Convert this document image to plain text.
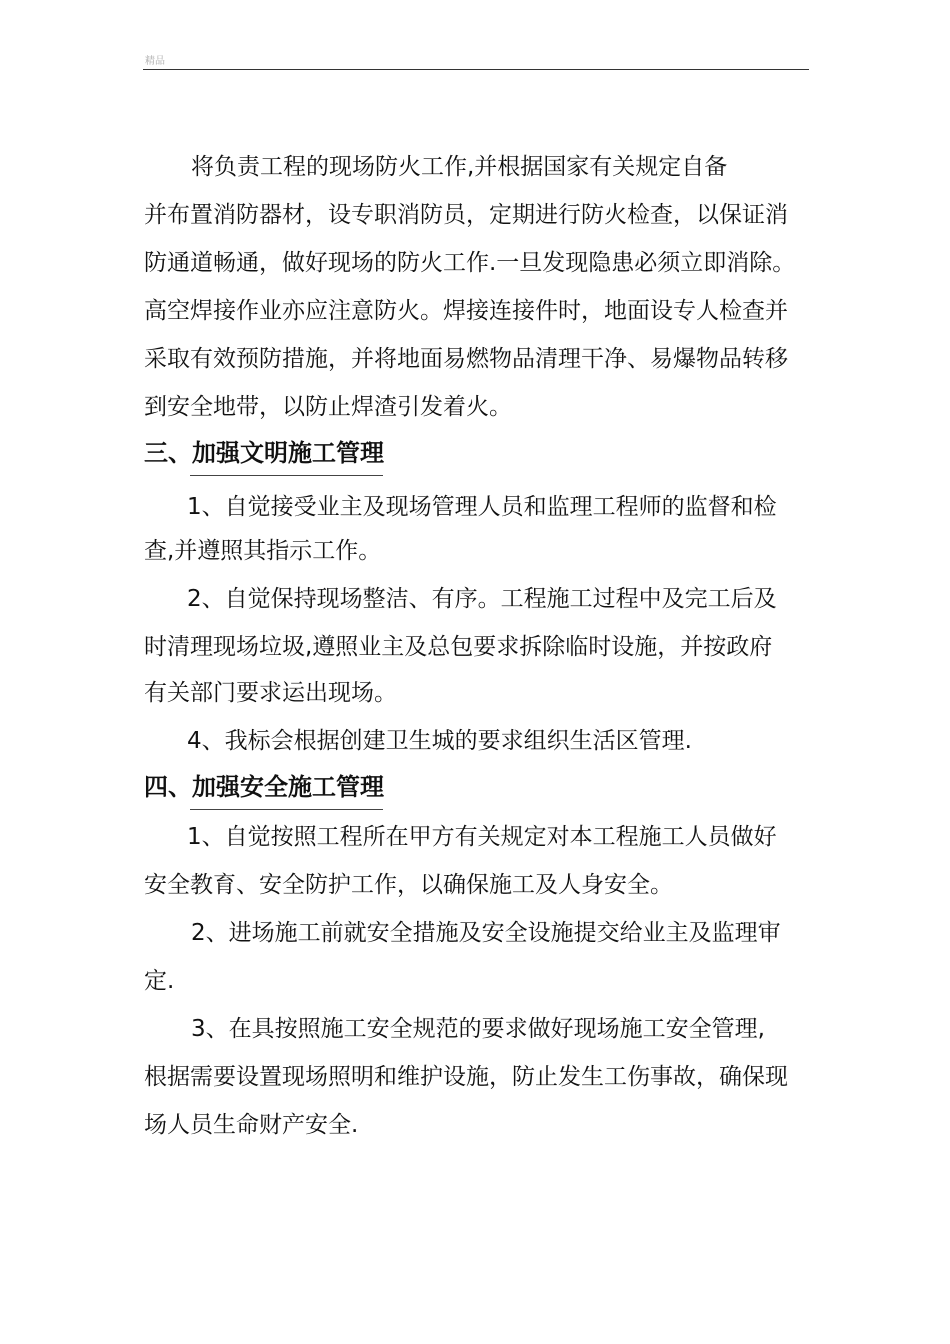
精品
将负责工程的现场防火工作,并根据国家有关规定自备
并布置消防器材，设专职消防员，定期进行防火检查，以保证消
防通道畅通，做好现场的防火工作.一旦发现隐患必须立即消除。
高空焊接作业亦应注意防火。焊接连接件时，地面设专人检查并
采取有效预防措施，并将地面易燃物品清理干净、易爆物品转移
到安全地带，以防止焊渣引发着火。
三、加强文明施工管理
1、自觉接受业主及现场管理人员和监理工程师的监督和检
查,并遵照其指示工作。
2、自觉保持现场整洁、有序。工程施工过程中及完工后及
时清理现场垃圾,遵照业主及总包要求拆除临时设施，并按政府
有关部门要求运出现场。
4、我标会根据创建卫生城的要求组织生活区管理.
四、加强安全施工管理
1、自觉按照工程所在甲方有关规定对本工程施工人员做好
安全教育、安全防护工作，以确保施工及人身安全。
2、进场施工前就安全措施及安全设施提交给业主及监理审
定.
3、在具按照施工安全规范的要求做好现场施工安全管理,
根据需要设置现场照明和维护设施，防止发生工伤事故，确保现
场人员生命财产安全.
